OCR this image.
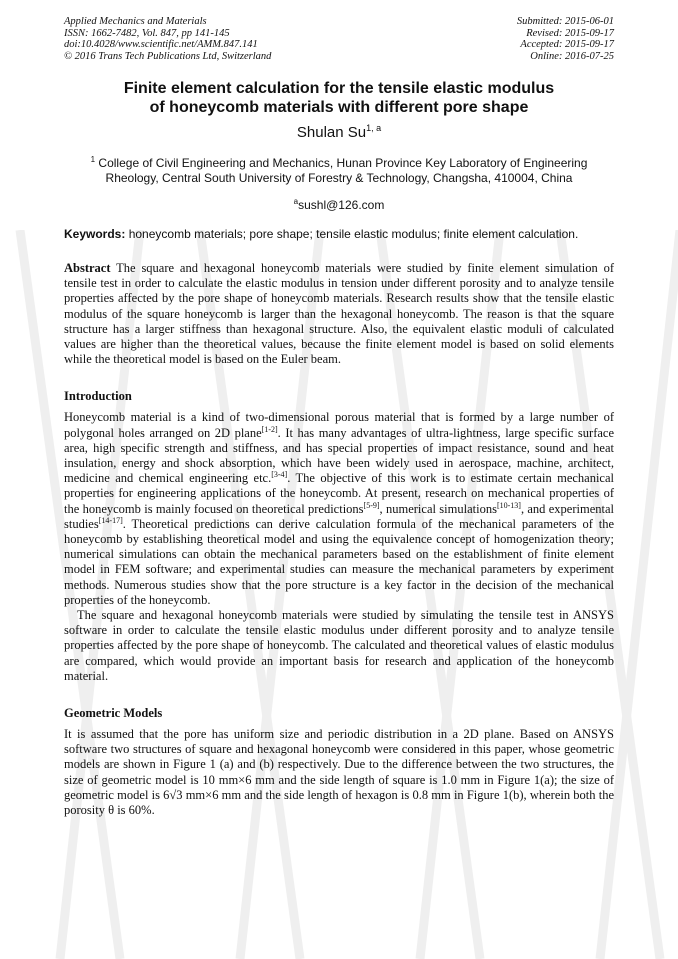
Applied Mechanics and Materials
ISSN: 1662-7482, Vol. 847, pp 141-145
doi:10.4028/www.scientific.net/AMM.847.141
© 2016 Trans Tech Publications Ltd, Switzerland
Submitted: 2015-06-01
Revised: 2015-09-17
Accepted: 2015-09-17
Online: 2016-07-25
Finite element calculation for the tensile elastic modulus
of honeycomb materials with different pore shape
Shulan Su$^{1, a}$
$^1$ College of Civil Engineering and Mechanics, Hunan Province Key Laboratory of Engineering
Rheology, Central South University of Forestry & Technology, Changsha, 410004, China
$^a$sushl@126.com
Keywords: honeycomb materials; pore shape; tensile elastic modulus; finite element calculation.

Abstract The square and hexagonal honeycomb materials were studied by finite element simulation of tensile test in order to calculate the elastic modulus in tension under different porosity and to analyze tensile properties affected by the pore shape of honeycomb materials. Research results show that the tensile elastic modulus of the square honeycomb is larger than the hexagonal honeycomb. The reason is that the square structure has a larger stiffness than hexagonal structure. Also, the equivalent elastic moduli of calculated values are higher than the theoretical values, because the finite element model is based on solid elements while the theoretical model is based on the Euler beam.

Introduction

Honeycomb material is a kind of two-dimensional porous material that is formed by a large number of polygonal holes arranged on 2D plane[1-2]. It has many advantages of ultra-lightness, large specific surface area, high specific strength and stiffness, and has special properties of impact resistance, sound and heat insulation, energy and shock absorption, which have been widely used in aerospace, machine, architect, medicine and chemical engineering etc.[3-4]. The objective of this work is to estimate certain mechanical properties for engineering applications of the honeycomb. At present, research on mechanical properties of the honeycomb is mainly focused on theoretical predictions[5-9], numerical simulations[10-13], and experimental studies[14-17]. Theoretical predictions can derive calculation formula of the mechanical parameters of the honeycomb by establishing theoretical model and using the equivalence concept of homogenization theory; numerical simulations can obtain the mechanical parameters based on the establishment of finite element model in FEM software; and experimental studies can measure the mechanical parameters by experiment methods. Numerous studies show that the pore structure is a key factor in the decision of the mechanical properties of the honeycomb.

The square and hexagonal honeycomb materials were studied by simulating the tensile test in ANSYS software in order to calculate the tensile elastic modulus under different porosity and to analyze tensile properties affected by the pore shape of honeycomb. The calculated and theoretical values of elastic modulus are compared, which would provide an important basis for research and application of the honeycomb material.

Geometric Models

It is assumed that the pore has uniform size and periodic distribution in a 2D plane. Based on ANSYS software two structures of square and hexagonal honeycomb were considered in this paper, whose geometric models are shown in Figure 1 (a) and (b) respectively. Due to the difference between the two structures, the size of geometric model is 10 mm×6 mm and the side length of square is 1.0 mm in Figure 1(a); the size of geometric model is 6√3 mm×6 mm and the side length of hexagon is 0.8 mm in Figure 1(b), wherein both the porosity θ is 60%.
